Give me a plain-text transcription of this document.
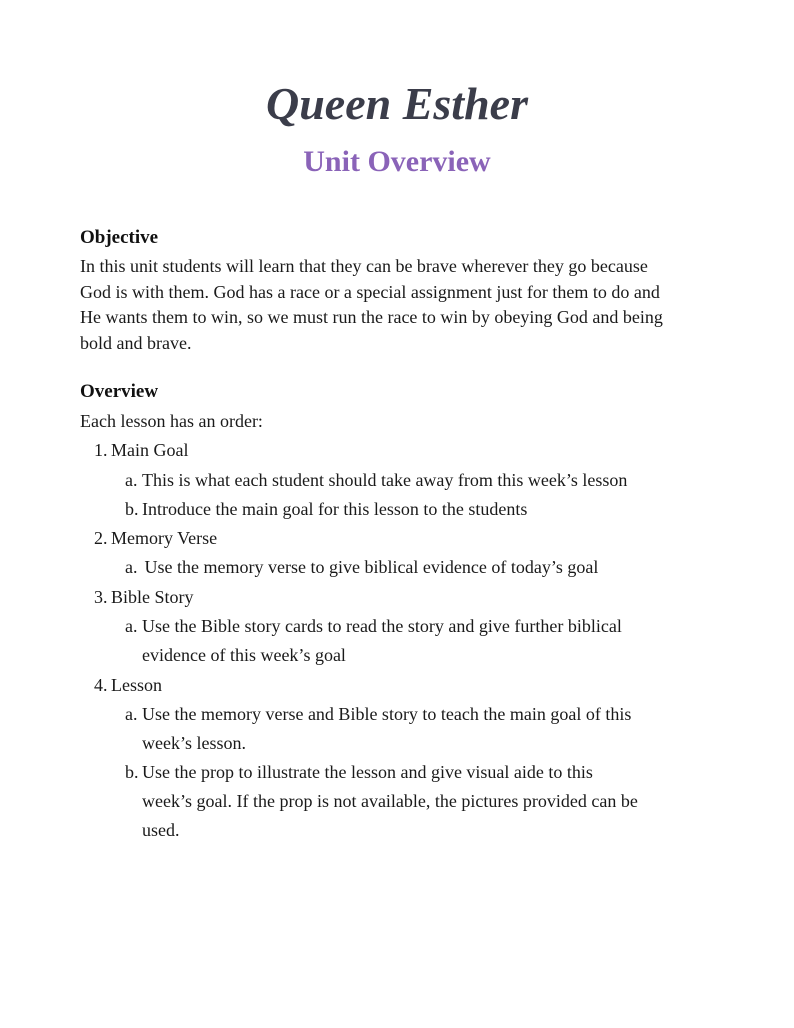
Queen Esther
Unit Overview
Objective

In this unit students will learn that they can be brave wherever they go because God is with them. God has a race or a special assignment just for them to do and He wants them to win, so we must run the race to win by obeying God and being bold and brave.

Overview

Each lesson has an order:

1. Main Goal
a. This is what each student should take away from this week’s lesson
b. Introduce the main goal for this lesson to the students
2. Memory Verse
a. Use the memory verse to give biblical evidence of today’s goal
3. Bible Story
a. Use the Bible story cards to read the story and give further biblical
evidence of this week’s goal
4. Lesson
a. Use the memory verse and Bible story to teach the main goal of this
week’s lesson.
b. Use the prop to illustrate the lesson and give visual aide to this
week’s goal. If the prop is not available, the pictures provided can be
used.
